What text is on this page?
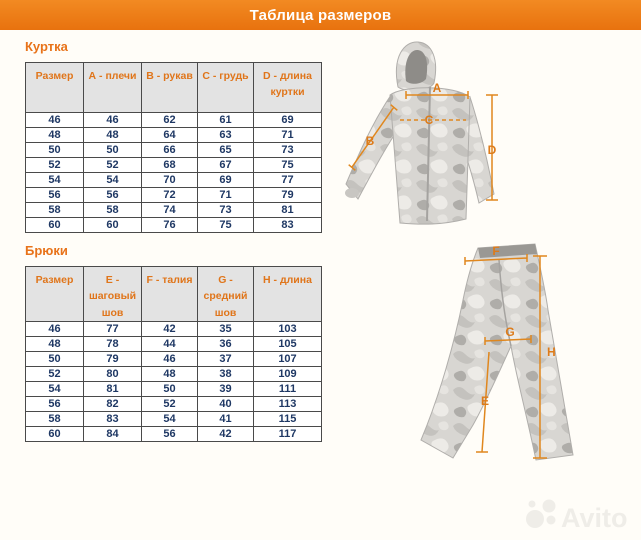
Таблица размеров
Куртка
Размер	А - плечи	В - рукав	С - грудь	D - длина куртки
46	46	62	61	69
48	48	64	63	71
50	50	66	65	73
52	52	68	67	75
54	54	70	69	77
56	56	72	71	79
58	58	74	73	81
60	60	76	75	83
Брюки
Размер	Е - шаговый шов	F - талия	G - средний шов	Н - длина
46	77	42	35	103
48	78	44	36	105
50	79	46	37	107
52	80	48	38	109
54	81	50	39	111
56	82	52	40	113
58	83	54	41	115
60	84	56	42	117
A
B
C
D
F
G
H
E
Avito
